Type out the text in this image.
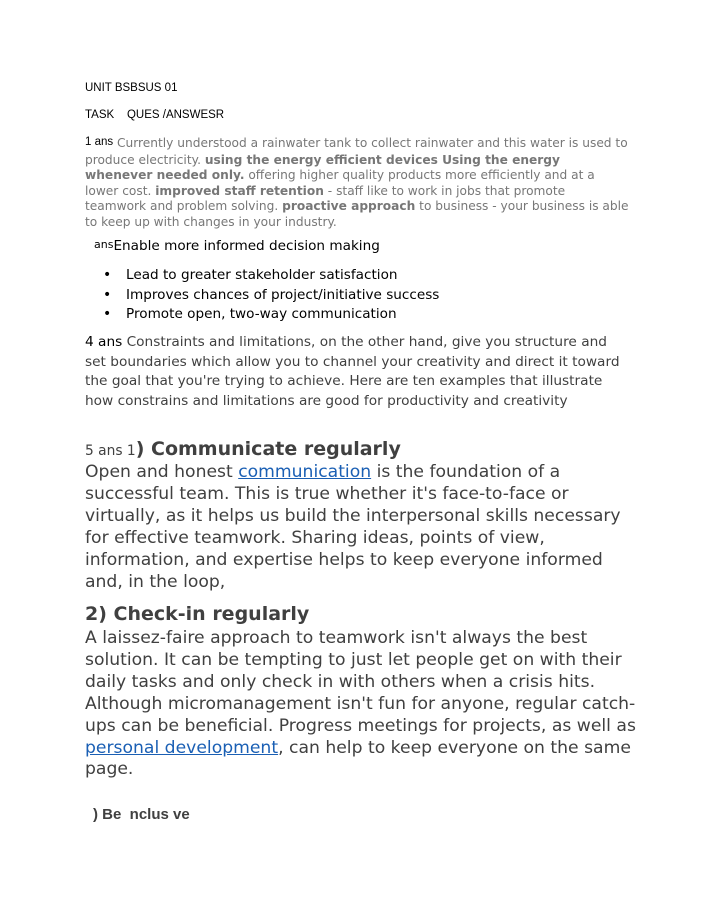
UNIT BSBSUS 01
TASK    QUES /ANSWESR
1 ans Currently understood a rainwater tank to collect rainwater and this water is used to produce electricity. using the energy eﬃcient devices Using the energy whenever needed only. offering higher quality products more efficiently and at a lower cost. improved staﬀ retention - staff like to work in jobs that promote teamwork and problem solving. proactive approach to business - your business is able to keep up with changes in your industry.
ansEnable more informed decision making
• Lead to greater stakeholder satisfaction
• Improves chances of project/initiative success
• Promote open, two-way communication
4 ans Constraints and limitations, on the other hand, give you structure and set boundaries which allow you to channel your creativity and direct it toward the goal that you're trying to achieve. Here are ten examples that illustrate how constrains and limitations are good for productivity and creativity
5 ans 1) Communicate regularly
Open and honest communication is the foundation of a successful team. This is true whether it's face-to-face or virtually, as it helps us build the interpersonal skills necessary for effective teamwork. Sharing ideas, points of view, information, and expertise helps to keep everyone informed and, in the loop,
2) Check-in regularly
A laissez-faire approach to teamwork isn't always the best solution. It can be tempting to just let people get on with their daily tasks and only check in with others when a crisis hits. Although micromanagement isn't fun for anyone, regular catch-ups can be beneficial. Progress meetings for projects, as well as personal development, can help to keep everyone on the same page.
) Be  nclus ve
